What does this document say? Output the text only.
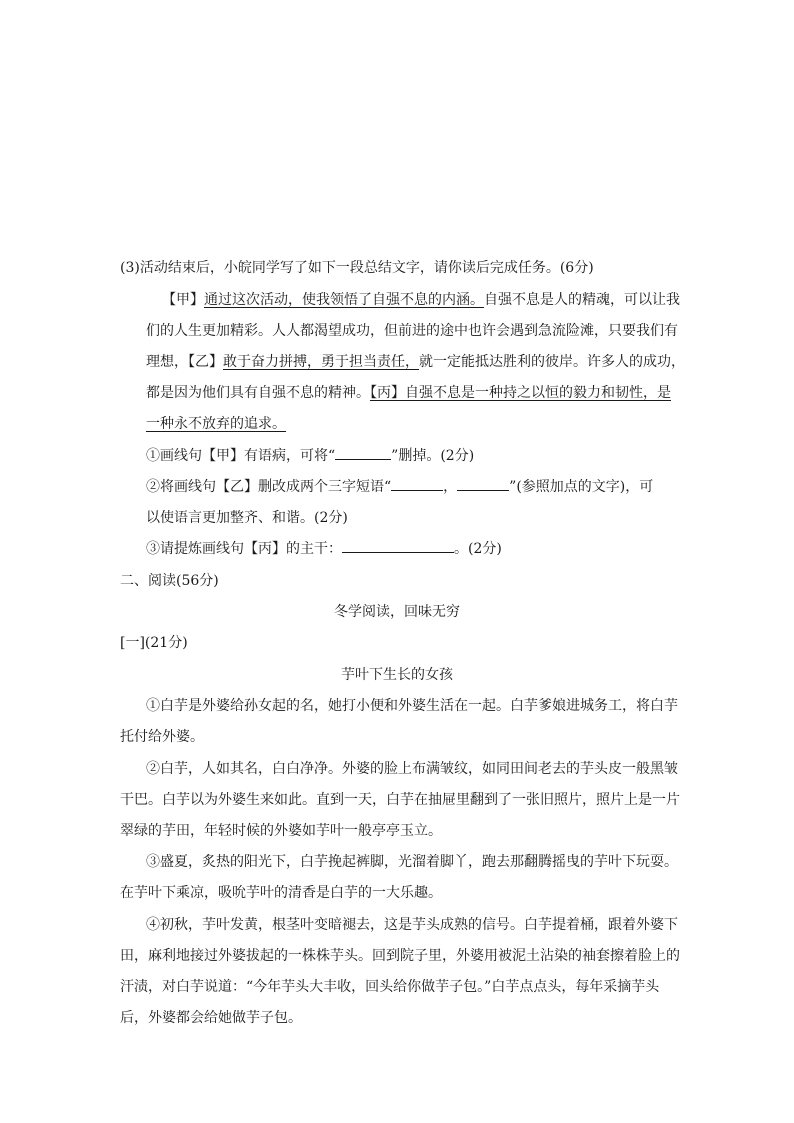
(3)活动结束后，小皖同学写了如下一段总结文字，请你读后完成任务。(6分)
【甲】通过这次活动，使我领悟了自强不息的内涵。自强不息是人的精魂，可以让我
们的人生更加精彩。人人都渴望成功，但前进的途中也许会遇到急流险滩，只要我们有
理想，【乙】敢于奋力拼搏，勇于担当责任，就一定能抵达胜利的彼岸。许多人的成功，
都是因为他们具有自强不息的精神。【丙】自强不息是一种持之以恒的毅力和韧性，是
一种永不放弃的追求。
①画线句【甲】有语病，可将“	”删掉。(2分)
②将画线句【乙】删改成两个三字短语“	，	”(参照加点的文字)，可
以使语言更加整齐、和谐。(2分)
③请提炼画线句【丙】的主干：	。(2分)
二、阅读(56分)
冬学阅读，回味无穷
[一](21分)
芋叶下生长的女孩
①白芋是外婆给孙女起的名，她打小便和外婆生活在一起。白芋爹娘进城务工，将白芋
托付给外婆。
②白芋，人如其名，白白净净。外婆的脸上布满皱纹，如同田间老去的芋头皮一般黑皱
干巴。白芋以为外婆生来如此。直到一天，白芋在抽屉里翻到了一张旧照片，照片上是一片
翠绿的芋田，年轻时候的外婆如芋叶一般亭亭玉立。
③盛夏，炙热的阳光下，白芋挽起裤脚，光溜着脚丫，跑去那翻腾摇曳的芋叶下玩耍。
在芋叶下乘凉，吸吮芋叶的清香是白芋的一大乐趣。
④初秋，芋叶发黄，根茎叶变暗褪去，这是芋头成熟的信号。白芋提着桶，跟着外婆下
田，麻利地接过外婆拔起的一株株芋头。回到院子里，外婆用被泥土沾染的袖套擦着脸上的
汗渍，对白芋说道：“今年芋头大丰收，回头给你做芋子包。”白芋点点头，每年采摘芋头
后，外婆都会给她做芋子包。
